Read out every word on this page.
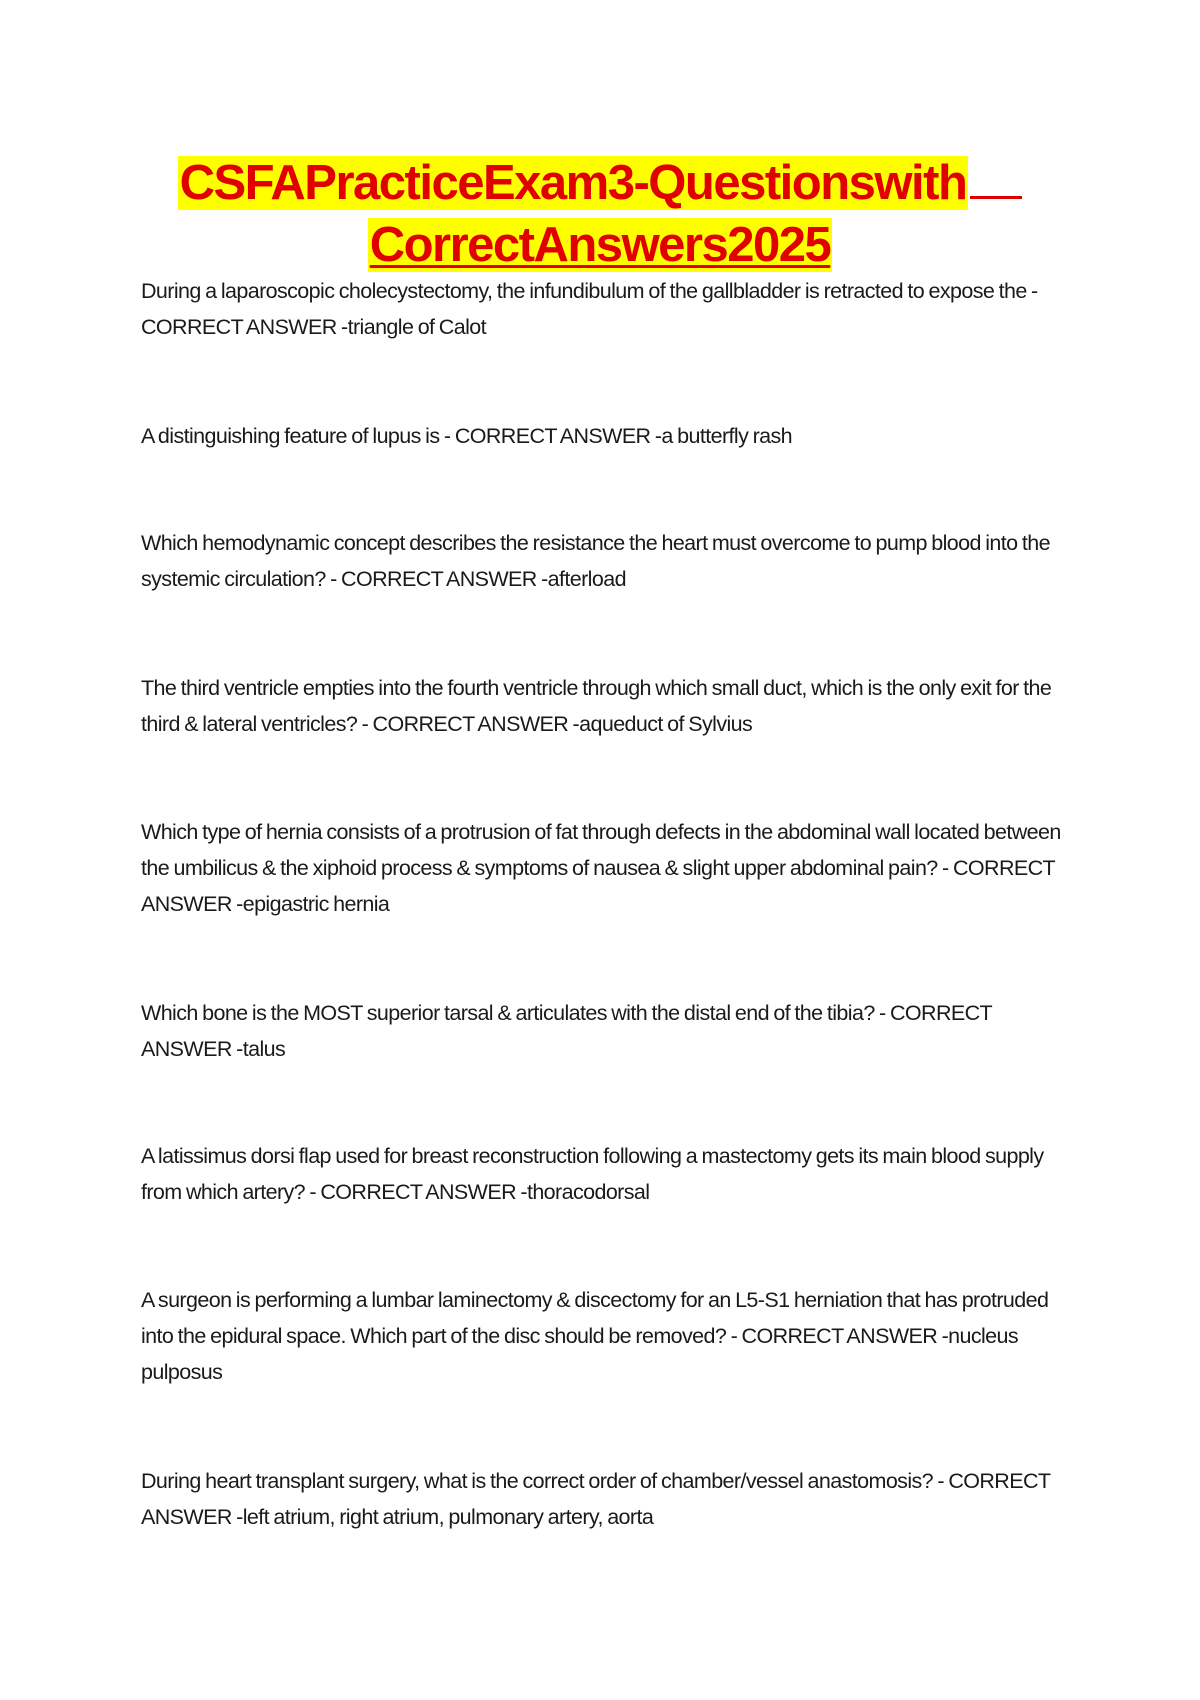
CSFAPracticeExam3-Questionswith
CorrectAnswers2025
During a laparoscopic cholecystectomy, the infundibulum of the gallbladder is retracted to expose the - CORRECT ANSWER -triangle of Calot
A distinguishing feature of lupus is - CORRECT ANSWER -a butterfly rash
Which hemodynamic concept describes the resistance the heart must overcome to pump blood into the systemic circulation? - CORRECT ANSWER -afterload
The third ventricle empties into the fourth ventricle through which small duct, which is the only exit for the third & lateral ventricles? - CORRECT ANSWER -aqueduct of Sylvius
Which type of hernia consists of a protrusion of fat through defects in the abdominal wall located between the umbilicus & the xiphoid process & symptoms of nausea & slight upper abdominal pain? - CORRECT ANSWER -epigastric hernia
Which bone is the MOST superior tarsal & articulates with the distal end of the tibia? - CORRECT ANSWER -talus
A latissimus dorsi flap used for breast reconstruction following a mastectomy gets its main blood supply from which artery? - CORRECT ANSWER -thoracodorsal
A surgeon is performing a lumbar laminectomy & discectomy for an L5-S1 herniation that has protruded into the epidural space. Which part of the disc should be removed? - CORRECT ANSWER -nucleus pulposus
During heart transplant surgery, what is the correct order of chamber/vessel anastomosis? - CORRECT ANSWER -left atrium, right atrium, pulmonary artery, aorta
